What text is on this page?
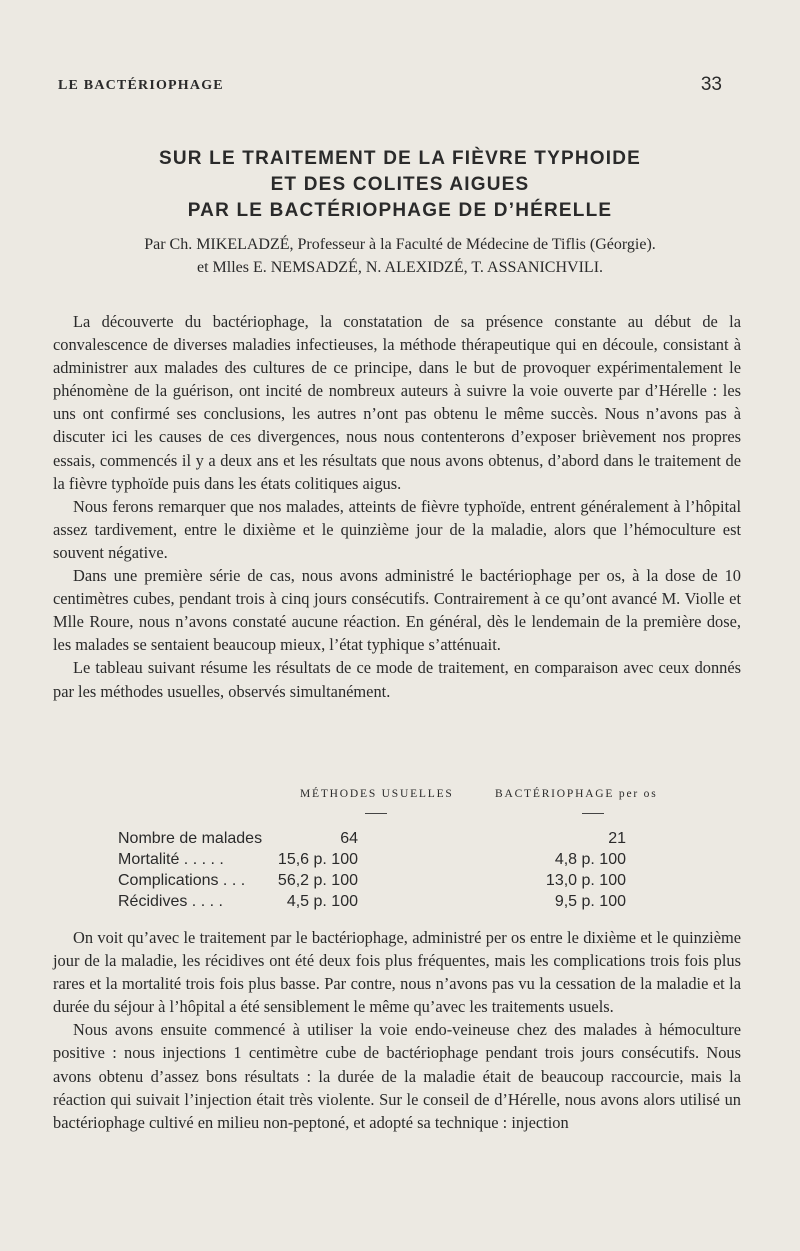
LE BACTÉRIOPHAGE	33
SUR LE TRAITEMENT DE LA FIÈVRE TYPHOIDE
ET DES COLITES AIGUES
PAR LE BACTÉRIOPHAGE DE D’HÉRELLE
Par Ch. MIKELADZÉ, Professeur à la Faculté de Médecine de Tiflis (Géorgie).
et Mlles E. NEMSADZÉ, N. ALEXIDZÉ, T. ASSANICHVILI.

La découverte du bactériophage, la constatation de sa présence constante au début de la convalescence de diverses maladies infectieuses, la méthode thérapeutique qui en découle, consistant à administrer aux malades des cultures de ce principe, dans le but de provoquer expérimentalement le phénomène de la guérison, ont incité de nombreux auteurs à suivre la voie ouverte par d’Hérelle : les uns ont confirmé ses conclusions, les autres n’ont pas obtenu le même succès. Nous n’avons pas à discuter ici les causes de ces divergences, nous nous contenterons d’exposer brièvement nos propres essais, commencés il y a deux ans et les résultats que nous avons obtenus, d’abord dans le traitement de la fièvre typhoïde puis dans les états colitiques aigus.

Nous ferons remarquer que nos malades, atteints de fièvre typhoïde, entrent généralement à l’hôpital assez tardivement, entre le dixième et le quinzième jour de la maladie, alors que l’hémoculture est souvent négative.

Dans une première série de cas, nous avons administré le bactériophage per os, à la dose de 10 centimètres cubes, pendant trois à cinq jours consécutifs. Contrairement à ce qu’ont avancé M. Violle et Mlle Roure, nous n’avons constaté aucune réaction. En général, dès le lendemain de la première dose, les malades se sentaient beaucoup mieux, l’état typhique s’atténuait.

Le tableau suivant résume les résultats de ce mode de traitement, en comparaison avec ceux donnés par les méthodes usuelles, observés simultanément.

MÉTHODES USUELLES	BACTÉRIOPHAGE per os
Nombre de malades	64	21
Mortalité . . . . .	15,6 p. 100	4,8 p. 100
Complications . . . 56,2 p. 100	13,0 p. 100
Récidives . . . .	4,5 p. 100	9,5 p. 100

On voit qu’avec le traitement par le bactériophage, administré per os entre le dixième et le quinzième jour de la maladie, les récidives ont été deux fois plus fréquentes, mais les complications trois fois plus rares et la mortalité trois fois plus basse. Par contre, nous n’avons pas vu la cessation de la maladie et la durée du séjour à l’hôpital a été sensiblement le même qu’avec les traitements usuels.

Nous avons ensuite commencé à utiliser la voie endo-veineuse chez des malades à hémoculture positive : nous injections 1 centimètre cube de bactériophage pendant trois jours consécutifs. Nous avons obtenu d’assez bons résultats : la durée de la maladie était de beaucoup raccourcie, mais la réaction qui suivait l’injection était très violente. Sur le conseil de d’Hérelle, nous avons alors utilisé un bactériophage cultivé en milieu non-peptoné, et adopté sa technique : injection
